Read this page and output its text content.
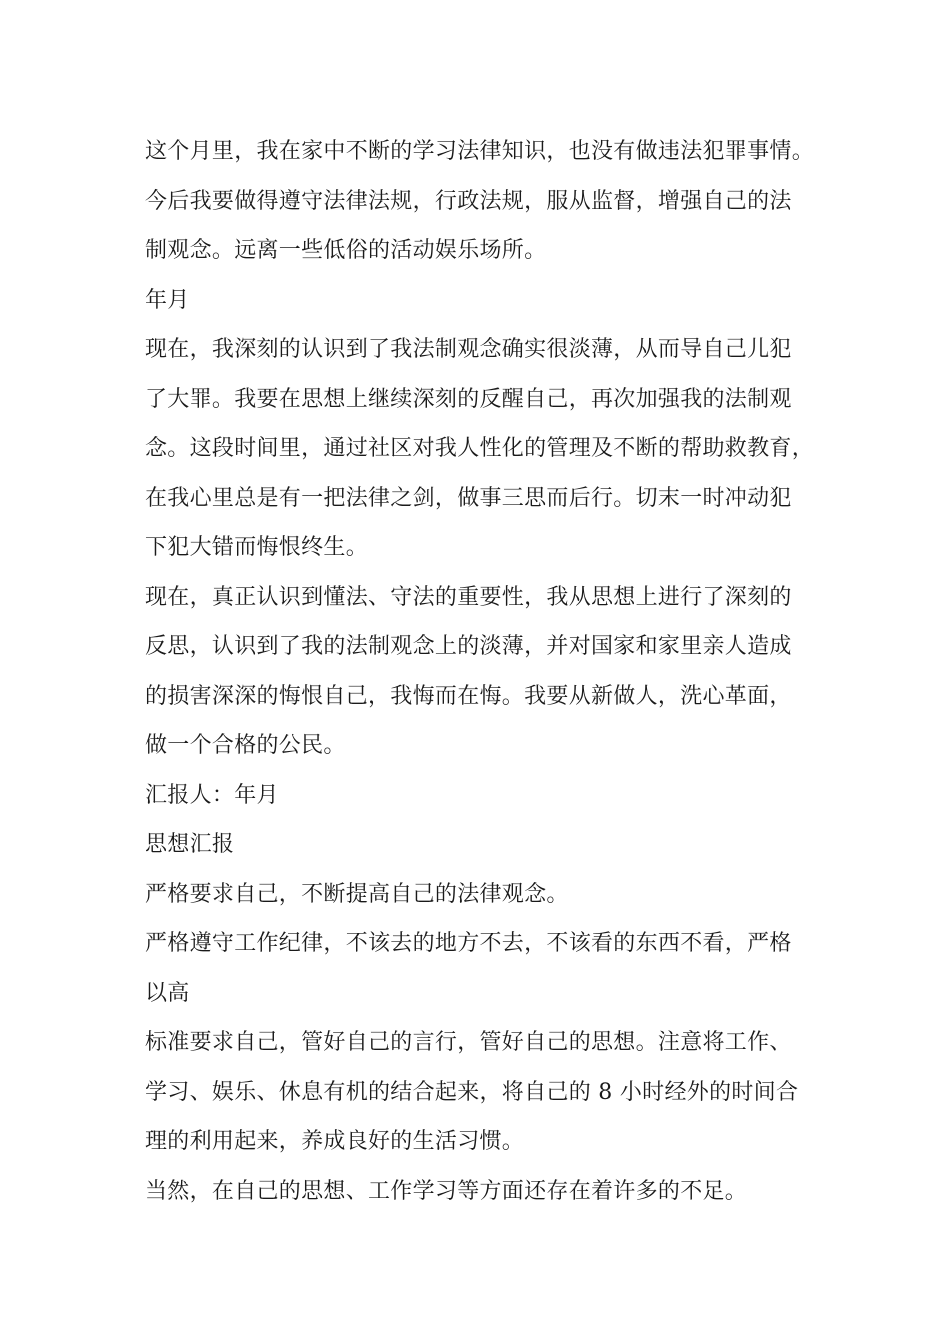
这个月里，我在家中不断的学习法律知识，也没有做违法犯罪事情。
今后我要做得遵守法律法规，行政法规，服从监督，增强自己的法
制观念。远离一些低俗的活动娱乐场所。
年月
现在，我深刻的认识到了我法制观念确实很淡薄，从而导自己儿犯
了大罪。我要在思想上继续深刻的反醒自己，再次加强我的法制观
念。这段时间里，通过社区对我人性化的管理及不断的帮助救教育，
在我心里总是有一把法律之剑，做事三思而后行。切末一时冲动犯
下犯大错而悔恨终生。
现在，真正认识到懂法、守法的重要性，我从思想上进行了深刻的
反思，认识到了我的法制观念上的淡薄，并对国家和家里亲人造成
的损害深深的悔恨自己，我悔而在悔。我要从新做人，洗心革面，
做一个合格的公民。
汇报人：年月
思想汇报
严格要求自己，不断提高自己的法律观念。
严格遵守工作纪律，不该去的地方不去，不该看的东西不看，严格
以高
标准要求自己，管好自己的言行，管好自己的思想。注意将工作、
学习、娱乐、休息有机的结合起来，将自己的 8 小时经外的时间合
理的利用起来，养成良好的生活习惯。
当然，在自己的思想、工作学习等方面还存在着许多的不足。
